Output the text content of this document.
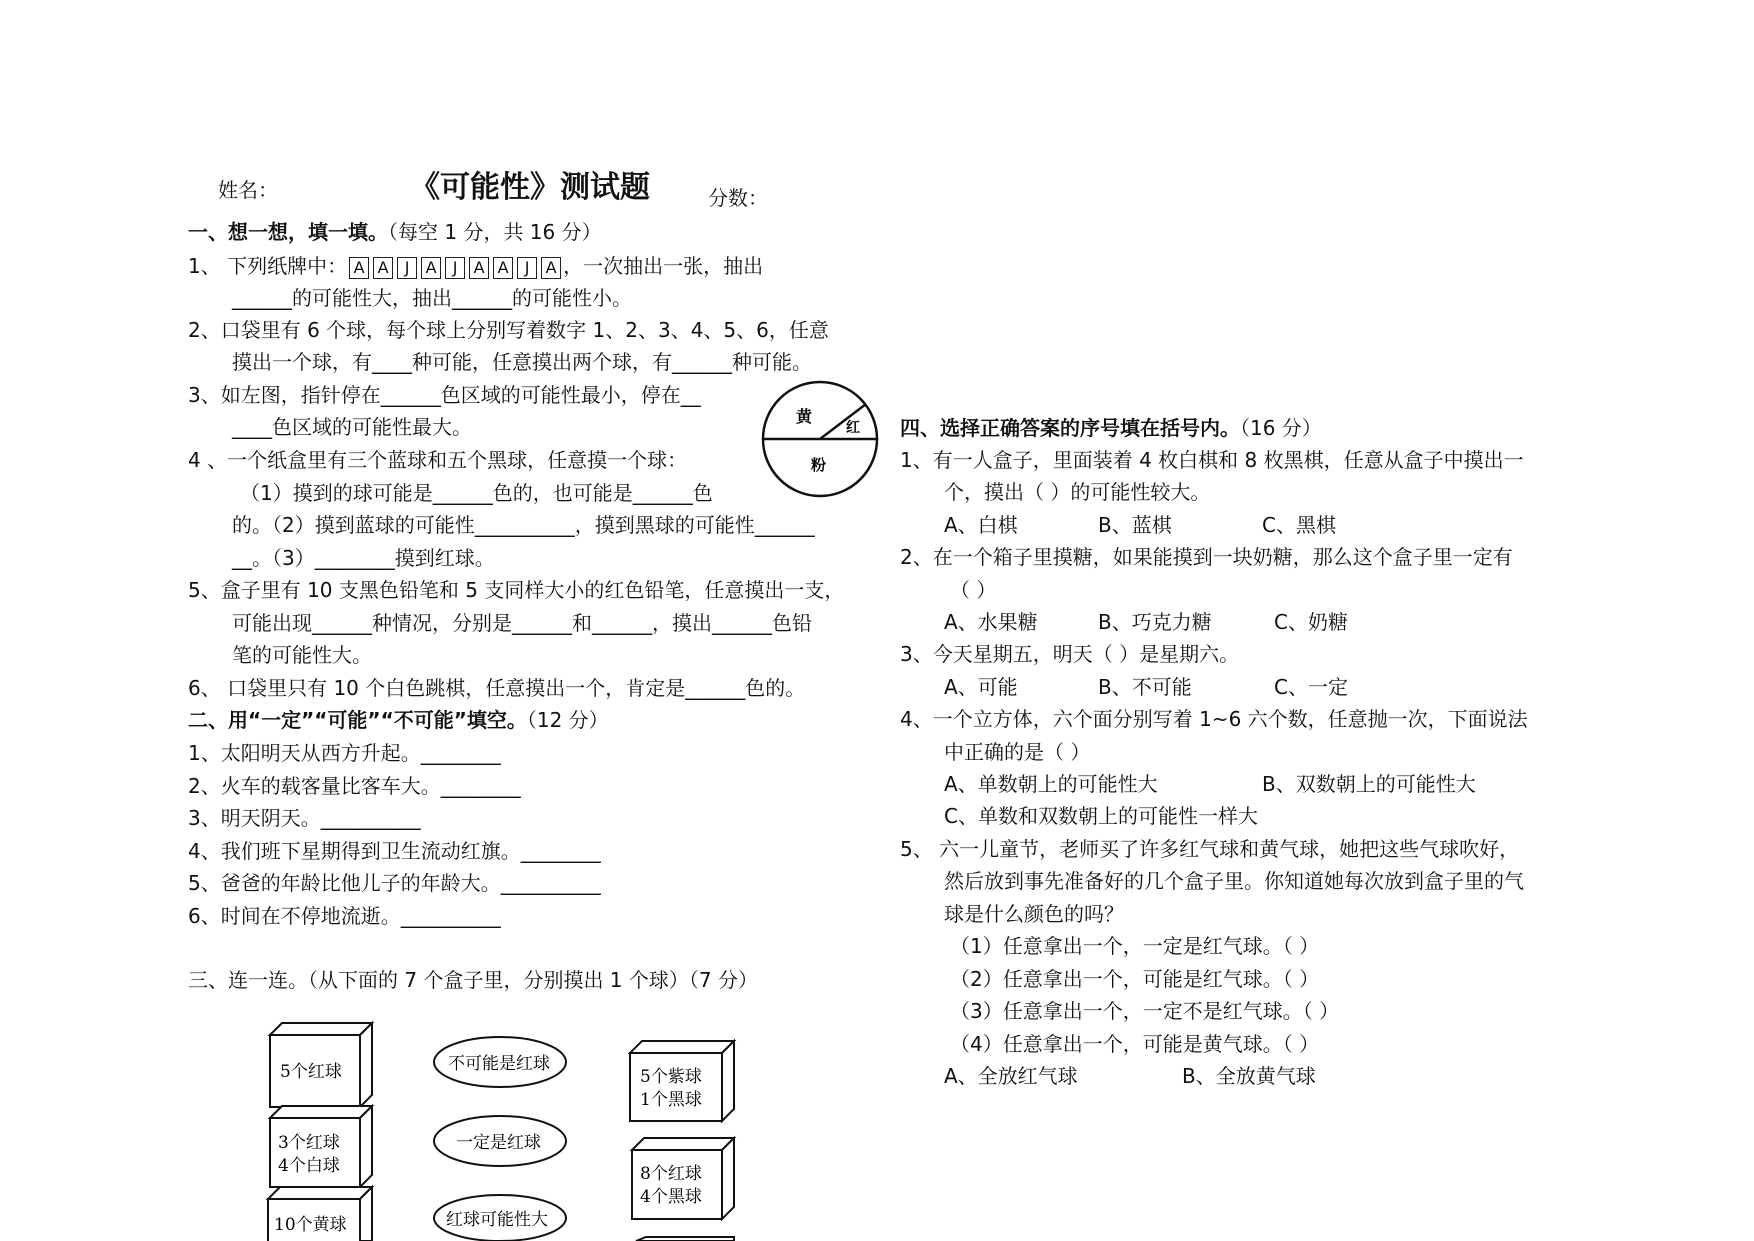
姓名：	《可能性》测试题	分数：
一、想一想，填一填。（每空 1 分，共 16 分）
1、 下列纸牌中： A A J A J A A J A ，一次抽出一张，抽出
______的可能性大，抽出______的可能性小。
2、口袋里有 6 个球，每个球上分别写着数字 1、2、3、4、5、6，任意
摸出一个球，有____种可能，任意摸出两个球，有______种可能。
3、如左图，指针停在______色区域的可能性最小，停在__
____色区域的可能性最大。
4 、一个纸盒里有三个蓝球和五个黑球，任意摸一个球：
（1）摸到的球可能是______色的，也可能是______色
的。（2）摸到蓝球的可能性__________，摸到黑球的可能性______
__。（3）________摸到红球。
5、盒子里有 10 支黑色铅笔和 5 支同样大小的红色铅笔，任意摸出一支，
可能出现______种情况，分别是______和______，摸出______色铅
笔的可能性大。
6、 口袋里只有 10 个白色跳棋，任意摸出一个，肯定是______色的。
黄
红
粉
二、用“一定”“可能”“不可能”填空。（12 分）
1、太阳明天从西方升起。________
2、火车的载客量比客车大。________
3、明天阴天。__________
4、我们班下星期得到卫生流动红旗。________
5、爸爸的年龄比他儿子的年龄大。__________
6、时间在不停地流逝。__________
三、连一连。（从下面的 7 个盒子里，分别摸出 1 个球）（7 分）
5个红球
3个红球
4个白球
10个黄球
不可能是红球
一定是红球
红球可能性大
5个紫球
1个黑球
8个红球
4个黑球
四、选择正确答案的序号填在括号内。（16 分）
1、有一人盒子，里面装着 4 枚白棋和 8 枚黑棋，任意从盒子中摸出一
个，摸出（ ）的可能性较大。
A、白棋	B、蓝棋	C、黑棋
2、在一个箱子里摸糖，如果能摸到一块奶糖，那么这个盒子里一定有
（ ）
A、水果糖	B、巧克力糖	C、奶糖
3、今天星期五，明天（ ）是星期六。
A、可能	B、不可能	C、一定
4、一个立方体，六个面分别写着 1~6 六个数，任意抛一次，下面说法
中正确的是（ ）
A、单数朝上的可能性大	B、双数朝上的可能性大
C、单数和双数朝上的可能性一样大
5、 六一儿童节，老师买了许多红气球和黄气球，她把这些气球吹好，
然后放到事先准备好的几个盒子里。你知道她每次放到盒子里的气
球是什么颜色的吗？
（1）任意拿出一个，一定是红气球。（ ）
（2）任意拿出一个，可能是红气球。（ ）
（3）任意拿出一个，一定不是红气球。（ ）
（4）任意拿出一个，可能是黄气球。（ ）
A、全放红气球	B、全放黄气球
